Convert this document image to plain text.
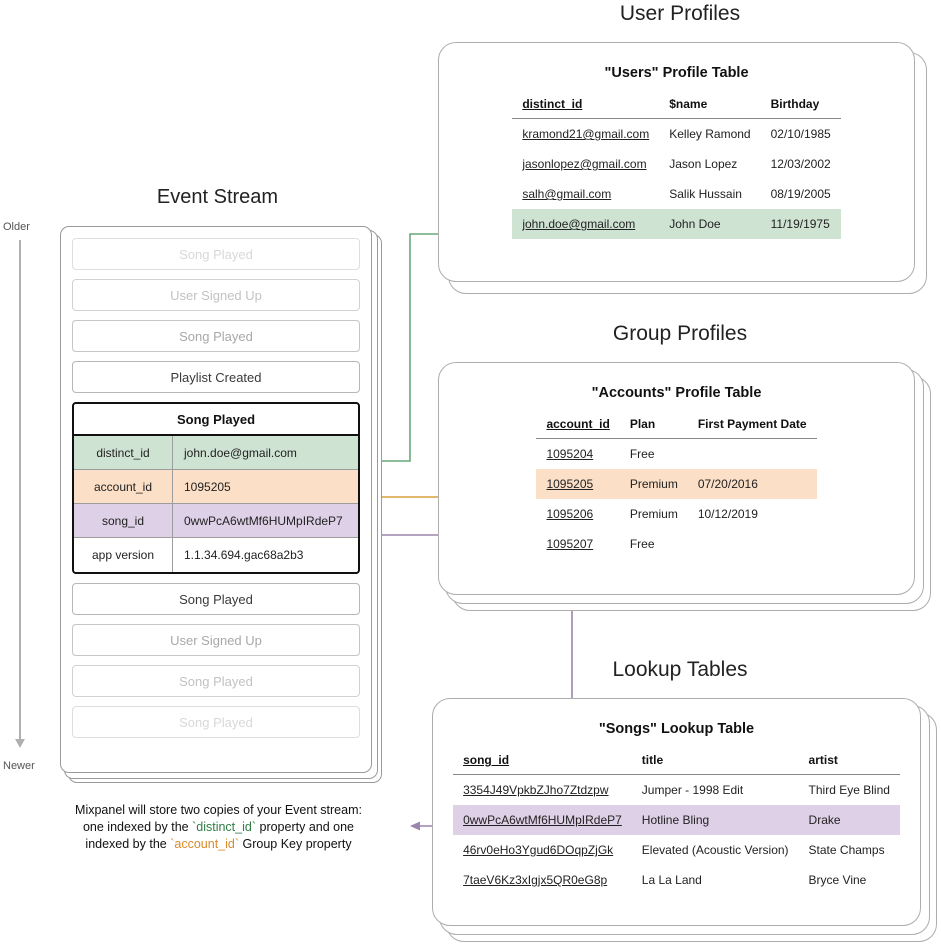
User Profiles
Group Profiles
Lookup Tables
Event Stream
Older
Newer
Song Played
User Signed Up
Song Played
Playlist Created
Song Played
distinct_id	john.doe@gmail.com
account_id	1095205
song_id	0wwPcA6wtMf6HUMpIRdeP7
app version	1.1.34.694.gac68a2b3
Song Played
User Signed Up
Song Played
Song Played
Mixpanel will store two copies of your Event stream:
one indexed by the `distinct_id` property and one
indexed by the `account_id` Group Key property
"Users" Profile Table
distinct_id	$name	Birthday
kramond21@gmail.com	Kelley Ramond	02/10/1985
jasonlopez@gmail.com	Jason Lopez	12/03/2002
salh@gmail.com	Salik Hussain	08/19/2005
john.doe@gmail.com	John Doe	11/19/1975
"Accounts" Profile Table
account_id	Plan	First Payment Date
1095204	Free	
1095205	Premium	07/20/2016
1095206	Premium	10/12/2019
1095207	Free	
"Songs" Lookup Table
song_id	title	artist
3354J49VpkbZJho7Ztdzpw	Jumper - 1998 Edit	Third Eye Blind
0wwPcA6wtMf6HUMpIRdeP7	Hotline Bling	Drake
46rv0eHo3Ygud6DOqpZjGk	Elevated (Acoustic Version)	State Champs
7taeV6Kz3xIgjx5QR0eG8p	La La Land	Bryce Vine
